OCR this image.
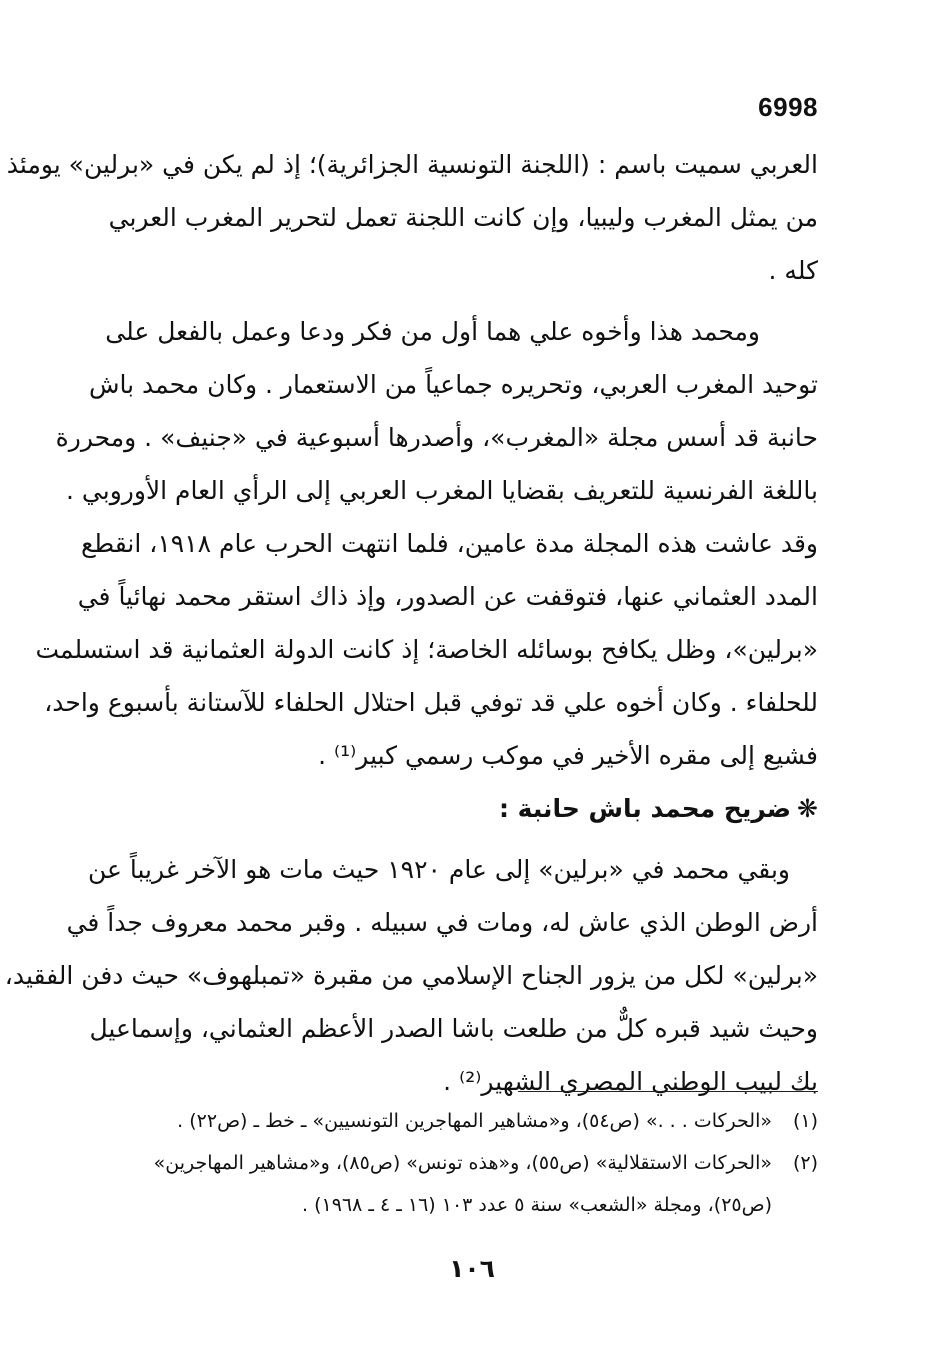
6998
العربي سميت باسم : (اللجنة التونسية الجزائرية)؛ إذ لم يكن في «برلين» يومئذ
من يمثل المغرب وليبيا، وإن كانت اللجنة تعمل لتحرير المغرب العربي
كله .
ومحمد هذا وأخوه علي هما أول من فكر ودعا وعمل بالفعل على
توحيد المغرب العربي، وتحريره جماعياً من الاستعمار . وكان محمد باش
حانبة قد أسس مجلة «المغرب»، وأصدرها أسبوعية في «جنيف» . ومحررة
باللغة الفرنسية للتعريف بقضايا المغرب العربي إلى الرأي العام الأوروبي .
وقد عاشت هذه المجلة مدة عامين، فلما انتهت الحرب عام ١٩١٨، انقطع
المدد العثماني عنها، فتوقفت عن الصدور، وإذ ذاك استقر محمد نهائياً في
«برلين»، وظل يكافح بوسائله الخاصة؛ إذ كانت الدولة العثمانية قد استسلمت
للحلفاء . وكان أخوه علي قد توفي قبل احتلال الحلفاء للآستانة بأسبوع واحد،
فشيع إلى مقره الأخير في موكب رسمي كبير⁽¹⁾ .
❋ضريح محمد باش حانبة :
وبقي محمد في «برلين» إلى عام ١٩٢٠ حيث مات هو الآخر غريباً عن
أرض الوطن الذي عاش له، ومات في سبيله . وقبر محمد معروف جداً في
«برلين» لكل من يزور الجناح الإسلامي من مقبرة «تمبلهوف» حيث دفن الفقيد،
وحيث شيد قبره كلٌّ من طلعت باشا الصدر الأعظم العثماني، وإسماعيل
بك لبيب الوطني المصري الشهير⁽²⁾ .
(١)«الحركات . . .» (ص٥٤)، و«مشاهير المهاجرين التونسيين» ـ خط ـ (ص٢٢) .
(٢)«الحركات الاستقلالية» (ص٥٥)، و«هذه تونس» (ص٨٥)، و«مشاهير المهاجرين»
(ص٢٥)، ومجلة «الشعب» سنة ٥ عدد ١٠٣ (١٦ ـ ٤ ـ ١٩٦٨) .
١٠٦
